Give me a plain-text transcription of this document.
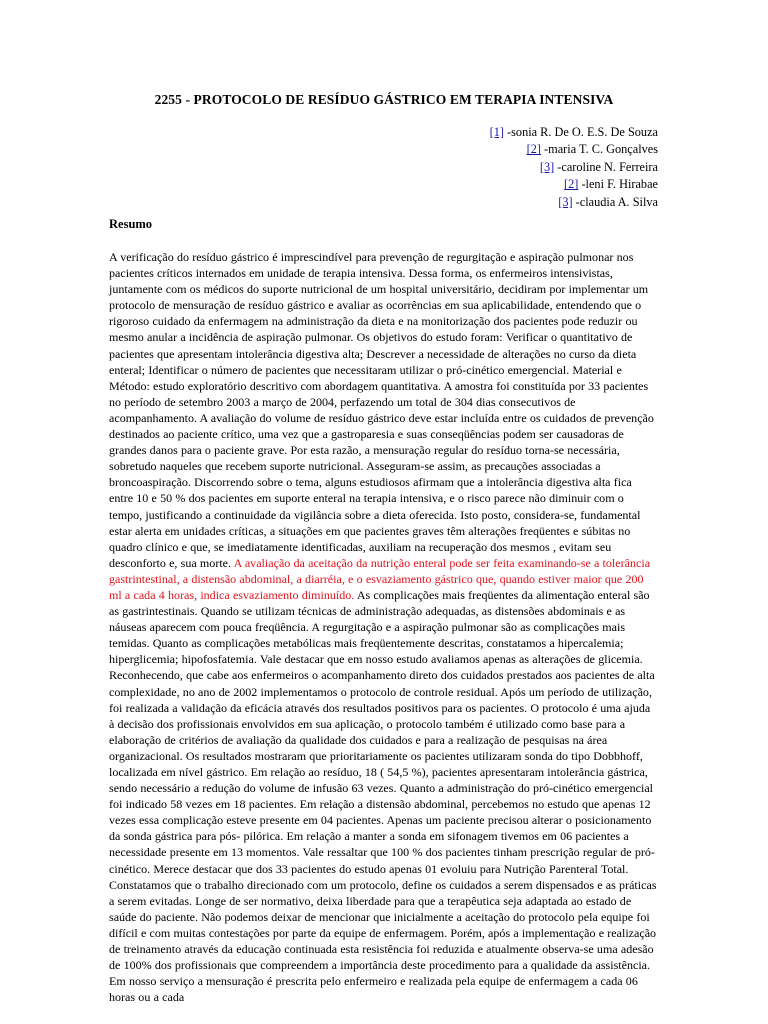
2255 - PROTOCOLO DE RESÍDUO GÁSTRICO EM TERAPIA INTENSIVA
[1] -sonia R. De O. E.S. De Souza
[2] -maria T. C. Gonçalves
[3] -caroline N. Ferreira
[2] -leni F. Hirabae
[3] -claudia A. Silva
Resumo
A verificação do resíduo gástrico é imprescindível para prevenção de regurgitação e aspiração pulmonar nos pacientes críticos internados em unidade de terapia intensiva. Dessa forma, os enfermeiros intensivistas, juntamente com os médicos do suporte nutricional de um hospital universitário, decidiram por implementar um protocolo de mensuração de resíduo gástrico e avaliar as ocorrências em sua aplicabilidade, entendendo que o rigoroso cuidado da enfermagem na administração da dieta e na monitorização dos pacientes pode reduzir ou mesmo anular a incidência de aspiração pulmonar. Os objetivos do estudo foram: Verificar o quantitativo de pacientes que apresentam intolerância digestiva alta; Descrever a necessidade de alterações no curso da dieta enteral; Identificar o número de pacientes que necessitaram utilizar o pró-cinético emergencial. Material e Método: estudo exploratório descritivo com abordagem quantitativa. A amostra foi constituída por 33 pacientes no período de setembro 2003 a março de 2004, perfazendo um total de 304 dias consecutivos de acompanhamento. A avaliação do volume de resíduo gástrico deve estar incluída entre os cuidados de prevenção destinados ao paciente crítico, uma vez que a gastroparesia e suas conseqüências podem ser causadoras de grandes danos para o paciente grave. Por esta razão, a mensuração regular do resíduo torna-se necessária, sobretudo naqueles que recebem suporte nutricional. Asseguram-se assim, as precauções associadas a broncoaspiração. Discorrendo sobre o tema, alguns estudiosos afirmam que a intolerância digestiva alta fica entre 10 e 50 % dos pacientes em suporte enteral na terapia intensiva, e o risco parece não diminuir com o tempo, justificando a continuidade da vigilância sobre a dieta oferecida. Isto posto, considera-se, fundamental estar alerta em unidades críticas, a situações em que pacientes graves têm alterações freqüentes e súbitas no quadro clínico e que, se imediatamente identificadas, auxiliam na recuperação dos mesmos , evitam seu desconforto e, sua morte. A avaliação da aceitação da nutrição enteral pode ser feita examinando-se a tolerância gastrintestinal, a distensão abdominal, a diarréia, e o esvaziamento gástrico que, quando estiver maior que 200 ml a cada 4 horas, indica esvaziamento diminuído. As complicações mais freqüentes da alimentação enteral são as gastrintestinais. Quando se utilizam técnicas de administração adequadas, as distensões abdominais e as náuseas aparecem com pouca freqüência. A regurgitação e a aspiração pulmonar são as complicações mais temidas. Quanto as complicações metabólicas mais freqüentemente descritas, constatamos a hipercalemia; hiperglicemia; hipofosfatemia. Vale destacar que em nosso estudo avaliamos apenas as alterações de glicemia. Reconhecendo, que cabe aos enfermeiros o acompanhamento direto dos cuidados prestados aos pacientes de alta complexidade, no ano de 2002 implementamos o protocolo de controle residual. Após um período de utilização, foi realizada a validação da eficácia através dos resultados positivos para os pacientes. O protocolo é uma ajuda à decisão dos profissionais envolvidos em sua aplicação, o protocolo também é utilizado como base para a elaboração de critérios de avaliação da qualidade dos cuidados e para a realização de pesquisas na área organizacional. Os resultados mostraram que prioritariamente os pacientes utilizaram sonda do tipo Dobbhoff, localizada em nível gástrico. Em relação ao resíduo, 18 ( 54,5 %), pacientes apresentaram intolerância gástrica, sendo necessário a redução do volume de infusão 63 vezes. Quanto a administração do pró-cinético emergencial foi indicado 58 vezes em 18 pacientes. Em relação a distensão abdominal, percebemos no estudo que apenas 12 vezes essa complicação esteve presente em 04 pacientes. Apenas um paciente precisou alterar o posicionamento da sonda gástrica para pós- pilórica. Em relação a manter a sonda em sifonagem tivemos em 06 pacientes a necessidade presente em 13 momentos. Vale ressaltar que 100 % dos pacientes tinham prescrição regular de pró-cinético. Merece destacar que dos 33 pacientes do estudo apenas 01 evoluiu para Nutrição Parenteral Total. Constatamos que o trabalho direcionado com um protocolo, define os cuidados a serem dispensados e as práticas a serem evitadas. Longe de ser normativo, deixa liberdade para que a terapêutica seja adaptada ao estado de saúde do paciente. Não podemos deixar de mencionar que inicialmente a aceitação do protocolo pela equipe foi difícil e com muitas contestações por parte da equipe de enfermagem. Porém, após a implementação e realização de treinamento através da educação continuada esta resistência foi reduzida e atualmente observa-se uma adesão de 100% dos profissionais que compreendem a importância deste procedimento para a qualidade da assistência. Em nosso serviço a mensuração é prescrita pelo enfermeiro e realizada pela equipe de enfermagem a cada 06 horas ou a cada
